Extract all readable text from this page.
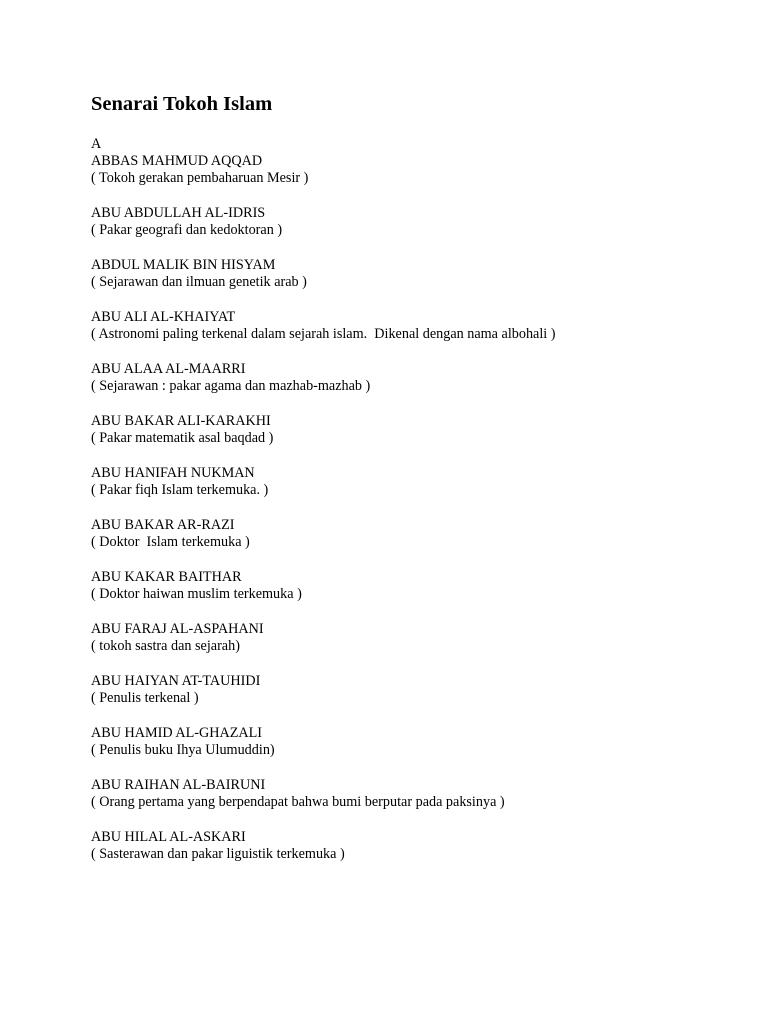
Senarai Tokoh Islam
A
ABBAS MAHMUD AQQAD
( Tokoh gerakan pembaharuan Mesir )
ABU ABDULLAH AL-IDRIS
( Pakar geografi dan kedoktoran )
ABDUL MALIK BIN HISYAM
( Sejarawan dan ilmuan genetik arab )
ABU ALI AL-KHAIYAT
( Astronomi paling terkenal dalam sejarah islam.  Dikenal dengan nama albohali )
ABU ALAA AL-MAARRI
( Sejarawan : pakar agama dan mazhab-mazhab )
ABU BAKAR ALI-KARAKHI
( Pakar matematik asal baqdad )
ABU HANIFAH NUKMAN
( Pakar fiqh Islam terkemuka. )
ABU BAKAR AR-RAZI
( Doktor  Islam terkemuka )
ABU KAKAR BAITHAR
( Doktor haiwan muslim terkemuka )
ABU FARAJ AL-ASPAHANI
( tokoh sastra dan sejarah)
ABU HAIYAN AT-TAUHIDI
( Penulis terkenal )
ABU HAMID AL-GHAZALI
( Penulis buku Ihya Ulumuddin)
ABU RAIHAN AL-BAIRUNI
( Orang pertama yang berpendapat bahwa bumi berputar pada paksinya )
ABU HILAL AL-ASKARI
( Sasterawan dan pakar liguistik terkemuka )
